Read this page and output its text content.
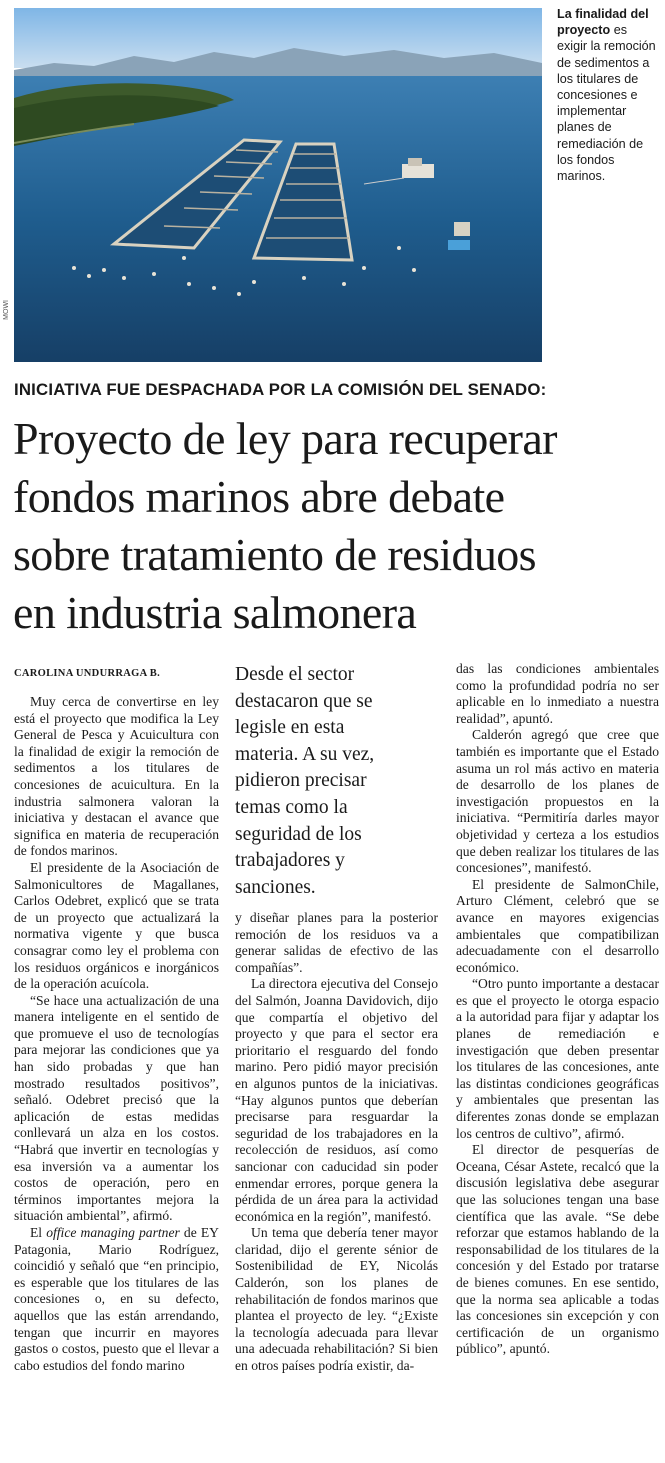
MOWI
La finalidad del proyecto es exigir la remoción de sedimentos a los titulares de concesiones e implementar planes de remediación de los fondos marinos.
INICIATIVA FUE DESPACHADA POR LA COMISIÓN DEL SENADO:
Proyecto de ley para recuperar
fondos marinos abre debate
sobre tratamiento de residuos
en industria salmonera
CAROLINA UNDURRAGA B.

Muy cerca de convertirse en ley está el proyecto que modifica la Ley General de Pesca y Acuicultura con la finalidad de exigir la remoción de sedimentos a los titulares de concesiones de acuicultura. En la industria salmonera valoran la iniciativa y destacan el avance que significa en materia de recuperación de fondos marinos.

El presidente de la Asociación de Salmonicultores de Magallanes, Carlos Odebret, explicó que se trata de un proyecto que actualizará la normativa vigente y que busca consagrar como ley el problema con los residuos orgánicos e inorgánicos de la operación acuícola.

“Se hace una actualización de una manera inteligente en el sentido de que promueve el uso de tecnologías para mejorar las condiciones que ya han sido probadas y que han mostrado resultados positivos”, señaló. Odebret precisó que la aplicación de estas medidas conllevará un alza en los costos. “Habrá que invertir en tecnologías y esa inversión va a aumentar los costos de operación, pero en términos importantes mejora la situación ambiental”, afirmó.

El office managing partner de EY Patagonia, Mario Rodríguez, coincidió y señaló que “en principio, es esperable que los titulares de las concesiones o, en su defecto, aquellos que las están arrendando, tengan que incurrir en mayores gastos o costos, puesto que el llevar a cabo estudios del fondo marino

Desde el sector
destacaron que se
legisle en esta
materia. A su vez,
pidieron precisar
temas como la
seguridad de los
trabajadores y
sanciones.

y diseñar planes para la posterior remoción de los residuos va a generar salidas de efectivo de las compañías”.

La directora ejecutiva del Consejo del Salmón, Joanna Davidovich, dijo que compartía el objetivo del proyecto y que para el sector era prioritario el resguardo del fondo marino. Pero pidió mayor precisión en algunos puntos de la iniciativas. “Hay algunos puntos que deberían precisarse para resguardar la seguridad de los trabajadores en la recolección de residuos, así como sancionar con caducidad sin poder enmendar errores, porque genera la pérdida de un área para la actividad económica en la región”, manifestó.

Un tema que debería tener mayor claridad, dijo el gerente sénior de Sostenibilidad de EY, Nicolás Calderón, son los planes de rehabilitación de fondos marinos que plantea el proyecto de ley. “¿Existe la tecnología adecuada para llevar una adecuada rehabilitación? Si bien en otros países podría existir, da-

das las condiciones ambientales como la profundidad podría no ser aplicable en lo inmediato a nuestra realidad”, apuntó.

Calderón agregó que cree que también es importante que el Estado asuma un rol más activo en materia de desarrollo de los planes de investigación propuestos en la iniciativa. “Permitiría darles mayor objetividad y certeza a los estudios que deben realizar los titulares de las concesiones”, manifestó.

El presidente de SalmonChile, Arturo Clément, celebró que se avance en mayores exigencias ambientales que compatibilizan adecuadamente con el desarrollo económico.

“Otro punto importante a destacar es que el proyecto le otorga espacio a la autoridad para fijar y adaptar los planes de remediación e investigación que deben presentar los titulares de las concesiones, ante las distintas condiciones geográficas y ambientales que presentan las diferentes zonas donde se emplazan los centros de cultivo”, afirmó.

El director de pesquerías de Oceana, César Astete, recalcó que la discusión legislativa debe asegurar que las soluciones tengan una base científica que las avale. “Se debe reforzar que estamos hablando de la responsabilidad de los titulares de la concesión y del Estado por tratarse de bienes comunes. En ese sentido, que la norma sea aplicable a todas las concesiones sin excepción y con certificación de un organismo público”, apuntó.
